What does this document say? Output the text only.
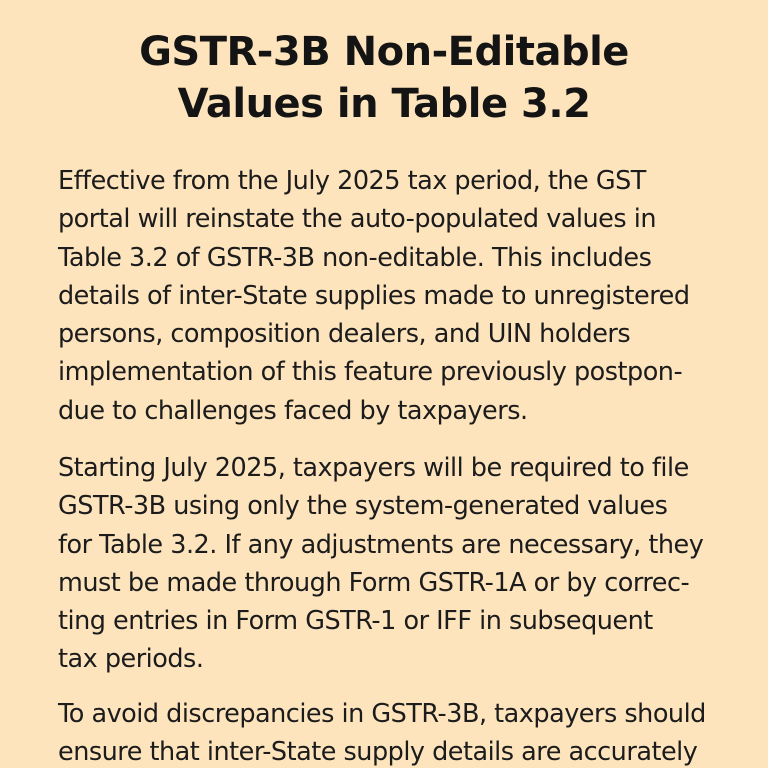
GSTR-3B Non-Editable
Values in Table 3.2
Effective from the July 2025 tax period, the GST
portal will reinstate the auto-populated values in
Table 3.2 of GSTR-3B non-editable. This includes
details of inter-State supplies made to unregistered
persons, composition dealers, and UIN holders
implementation of this feature previously postpon-
due to challenges faced by taxpayers.
Starting July 2025, taxpayers will be required to file
GSTR-3B using only the system-generated values
for Table 3.2. If any adjustments are necessary, they
must be made through Form GSTR-1A or by correc-
ting entries in Form GSTR-1 or IFF in subsequent
tax periods.
To avoid discrepancies in GSTR-3B, taxpayers should
ensure that inter-State supply details are accurately
